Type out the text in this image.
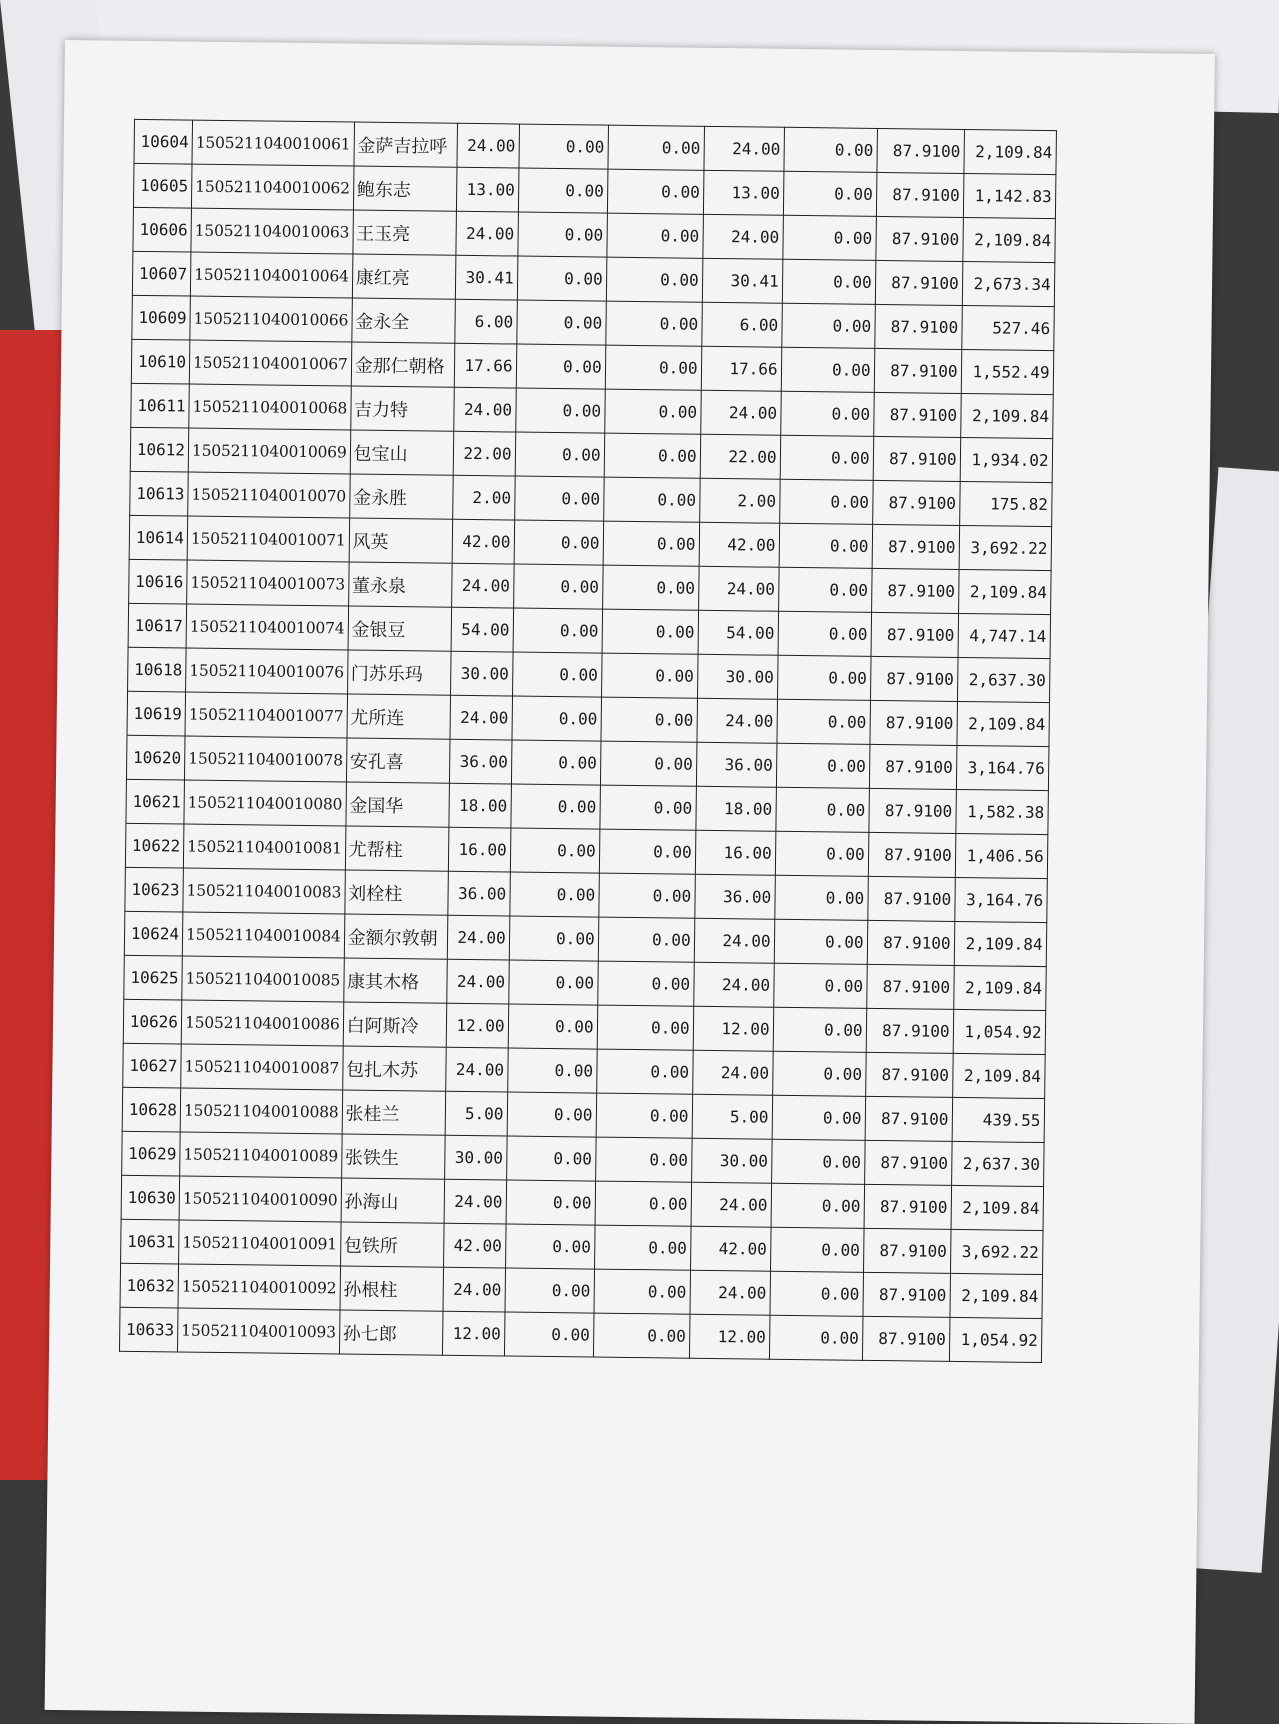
10604	1505211040010061	金萨吉拉呼	24.00	0.00	0.00	24.00	0.00	87.9100	2,109.84
10605	1505211040010062	鲍东志	13.00	0.00	0.00	13.00	0.00	87.9100	1,142.83
10606	1505211040010063	王玉亮	24.00	0.00	0.00	24.00	0.00	87.9100	2,109.84
10607	1505211040010064	康红亮	30.41	0.00	0.00	30.41	0.00	87.9100	2,673.34
10609	1505211040010066	金永全	6.00	0.00	0.00	6.00	0.00	87.9100	527.46
10610	1505211040010067	金那仁朝格	17.66	0.00	0.00	17.66	0.00	87.9100	1,552.49
10611	1505211040010068	吉力特	24.00	0.00	0.00	24.00	0.00	87.9100	2,109.84
10612	1505211040010069	包宝山	22.00	0.00	0.00	22.00	0.00	87.9100	1,934.02
10613	1505211040010070	金永胜	2.00	0.00	0.00	2.00	0.00	87.9100	175.82
10614	1505211040010071	风英	42.00	0.00	0.00	42.00	0.00	87.9100	3,692.22
10616	1505211040010073	董永泉	24.00	0.00	0.00	24.00	0.00	87.9100	2,109.84
10617	1505211040010074	金银豆	54.00	0.00	0.00	54.00	0.00	87.9100	4,747.14
10618	1505211040010076	门苏乐玛	30.00	0.00	0.00	30.00	0.00	87.9100	2,637.30
10619	1505211040010077	尤所连	24.00	0.00	0.00	24.00	0.00	87.9100	2,109.84
10620	1505211040010078	安孔喜	36.00	0.00	0.00	36.00	0.00	87.9100	3,164.76
10621	1505211040010080	金国华	18.00	0.00	0.00	18.00	0.00	87.9100	1,582.38
10622	1505211040010081	尤帮柱	16.00	0.00	0.00	16.00	0.00	87.9100	1,406.56
10623	1505211040010083	刘栓柱	36.00	0.00	0.00	36.00	0.00	87.9100	3,164.76
10624	1505211040010084	金额尔敦朝	24.00	0.00	0.00	24.00	0.00	87.9100	2,109.84
10625	1505211040010085	康其木格	24.00	0.00	0.00	24.00	0.00	87.9100	2,109.84
10626	1505211040010086	白阿斯冷	12.00	0.00	0.00	12.00	0.00	87.9100	1,054.92
10627	1505211040010087	包扎木苏	24.00	0.00	0.00	24.00	0.00	87.9100	2,109.84
10628	1505211040010088	张桂兰	5.00	0.00	0.00	5.00	0.00	87.9100	439.55
10629	1505211040010089	张铁生	30.00	0.00	0.00	30.00	0.00	87.9100	2,637.30
10630	1505211040010090	孙海山	24.00	0.00	0.00	24.00	0.00	87.9100	2,109.84
10631	1505211040010091	包铁所	42.00	0.00	0.00	42.00	0.00	87.9100	3,692.22
10632	1505211040010092	孙根柱	24.00	0.00	0.00	24.00	0.00	87.9100	2,109.84
10633	1505211040010093	孙七郎	12.00	0.00	0.00	12.00	0.00	87.9100	1,054.92
